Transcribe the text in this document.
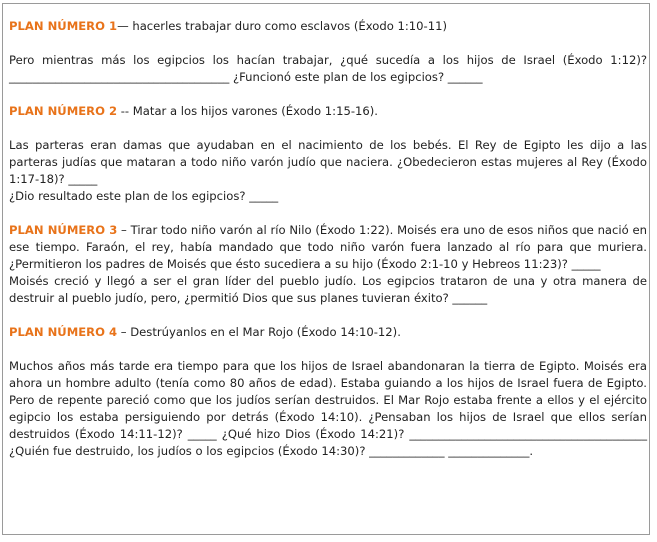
PLAN NÚMERO 1— hacerles trabajar duro como esclavos (Éxodo 1:10-11)

Pero mientras más los egipcios los hacían trabajar, ¿qué sucedía a los hijos de Israel (Éxodo 1:12)? ______________________________________ ¿Funcionó este plan de los egipcios? ______

PLAN NÚMERO 2 -- Matar a los hijos varones (Éxodo 1:15-16).

Las parteras eran damas que ayudaban en el nacimiento de los bebés. El Rey de Egipto les dijo a las parteras judías que mataran a todo niño varón judío que naciera. ¿Obedecieron estas mujeres al Rey (Éxodo 1:17-18)? _____

¿Dio resultado este plan de los egipcios? _____

PLAN NÚMERO 3 – Tirar todo niño varón al río Nilo (Éxodo 1:22). Moisés era uno de esos niños que nació en ese tiempo. Faraón, el rey, había mandado que todo niño varón fuera lanzado al río para que muriera. ¿Permitieron los padres de Moisés que ésto sucediera a su hijo (Éxodo 2:1-10 y Hebreos 11:23)? _____

Moisés creció y llegó a ser el gran líder del pueblo judío. Los egipcios trataron de una y otra manera de destruir al pueblo judío, pero, ¿permitió Dios que sus planes tuvieran éxito? ______

PLAN NÚMERO 4 – Destrúyanlos en el Mar Rojo (Éxodo 14:10-12).

Muchos años más tarde era tiempo para que los hijos de Israel abandonaran la tierra de Egipto. Moisés era ahora un hombre adulto (tenía como 80 años de edad). Estaba guiando a los hijos de Israel fuera de Egipto. Pero de repente pareció como que los judíos serían destruidos. El Mar Rojo estaba frente a ellos y el ejército egipcio los estaba persiguiendo por detrás (Éxodo 14:10). ¿Pensaban los hijos de Israel que ellos serían destruidos (Éxodo 14:11-12)? _____ ¿Qué hizo Dios (Éxodo 14:21)? _________________________________________ ¿Quién fue destruido, los judíos o los egipcios (Éxodo 14:30)? _____________ ______________.
